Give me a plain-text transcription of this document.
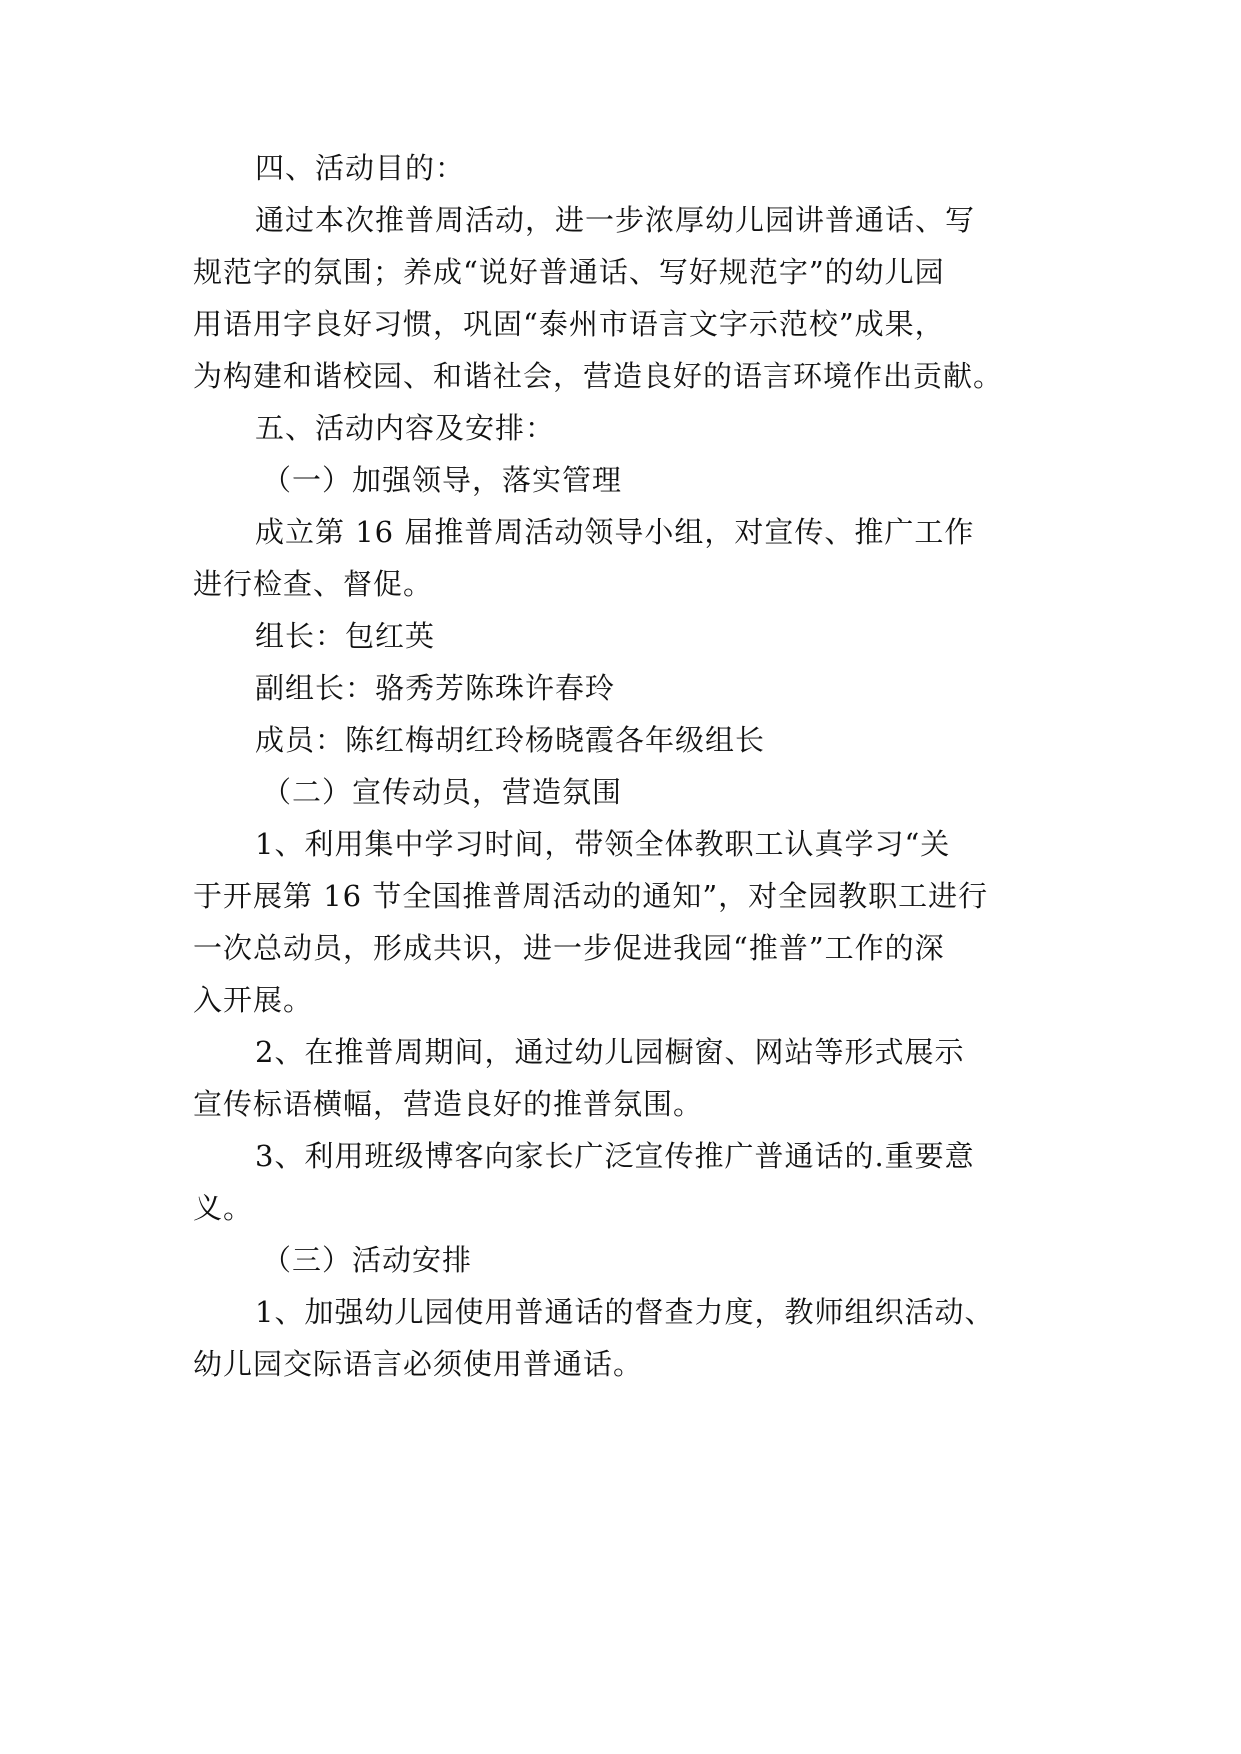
四、活动目的：
通过本次推普周活动，进一步浓厚幼儿园讲普通话、写
规范字的氛围；养成“说好普通话、写好规范字”的幼儿园
用语用字良好习惯，巩固“泰州市语言文字示范校”成果，
为构建和谐校园、和谐社会，营造良好的语言环境作出贡献。
五、活动内容及安排：
（一）加强领导，落实管理
成立第 16 届推普周活动领导小组，对宣传、推广工作
进行检查、督促。
组长：包红英
副组长：骆秀芳陈珠许春玲
成员：陈红梅胡红玲杨晓霞各年级组长
（二）宣传动员，营造氛围
1、利用集中学习时间，带领全体教职工认真学习“关
于开展第 16 节全国推普周活动的通知”，对全园教职工进行
一次总动员，形成共识，进一步促进我园“推普”工作的深
入开展。
2、在推普周期间，通过幼儿园橱窗、网站等形式展示
宣传标语横幅，营造良好的推普氛围。
3、利用班级博客向家长广泛宣传推广普通话的.重要意
义。
（三）活动安排
1、加强幼儿园使用普通话的督查力度，教师组织活动、
幼儿园交际语言必须使用普通话。
